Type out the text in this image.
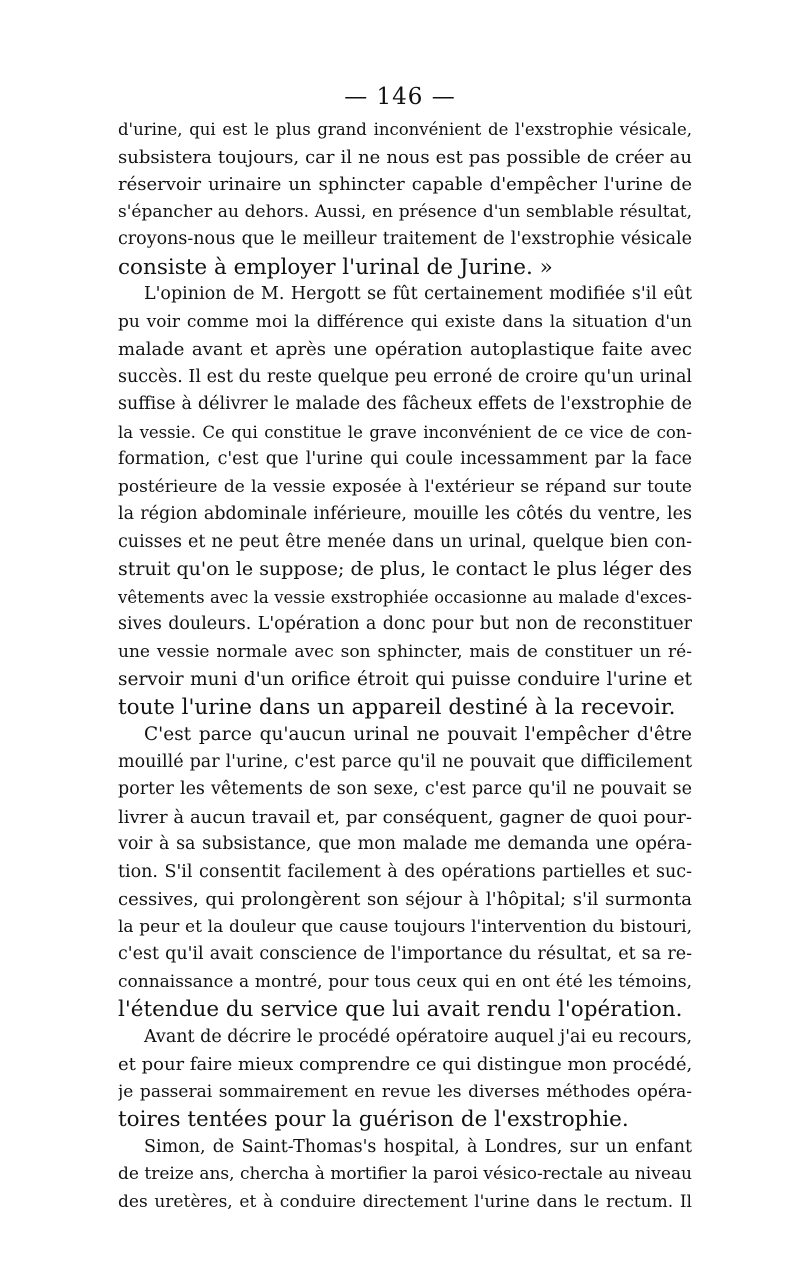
— 146 —
d'urine, qui est le plus grand inconvénient de l'exstrophie vésicale,
subsistera toujours, car il ne nous est pas possible de créer au
réservoir urinaire un sphincter capable d'empêcher l'urine de
s'épancher au dehors. Aussi, en présence d'un semblable résultat,
croyons-nous que le meilleur traitement de l'exstrophie vésicale
consiste à employer l'urinal de Jurine. »
L'opinion de M. Hergott se fût certainement modifiée s'il eût
pu voir comme moi la différence qui existe dans la situation d'un
malade avant et après une opération autoplastique faite avec
succès. Il est du reste quelque peu erroné de croire qu'un urinal
suffise à délivrer le malade des fâcheux effets de l'exstrophie de
la vessie. Ce qui constitue le grave inconvénient de ce vice de con-
formation, c'est que l'urine qui coule incessamment par la face
postérieure de la vessie exposée à l'extérieur se répand sur toute
la région abdominale inférieure, mouille les côtés du ventre, les
cuisses et ne peut être menée dans un urinal, quelque bien con-
struit qu'on le suppose; de plus, le contact le plus léger des
vêtements avec la vessie exstrophiée occasionne au malade d'exces-
sives douleurs. L'opération a donc pour but non de reconstituer
une vessie normale avec son sphincter, mais de constituer un ré-
servoir muni d'un orifice étroit qui puisse conduire l'urine et
toute l'urine dans un appareil destiné à la recevoir.
C'est parce qu'aucun urinal ne pouvait l'empêcher d'être
mouillé par l'urine, c'est parce qu'il ne pouvait que difficilement
porter les vêtements de son sexe, c'est parce qu'il ne pouvait se
livrer à aucun travail et, par conséquent, gagner de quoi pour-
voir à sa subsistance, que mon malade me demanda une opéra-
tion. S'il consentit facilement à des opérations partielles et suc-
cessives, qui prolongèrent son séjour à l'hôpital; s'il surmonta
la peur et la douleur que cause toujours l'intervention du bistouri,
c'est qu'il avait conscience de l'importance du résultat, et sa re-
connaissance a montré, pour tous ceux qui en ont été les témoins,
l'étendue du service que lui avait rendu l'opération.
Avant de décrire le procédé opératoire auquel j'ai eu recours,
et pour faire mieux comprendre ce qui distingue mon procédé,
je passerai sommairement en revue les diverses méthodes opéra-
toires tentées pour la guérison de l'exstrophie.
Simon, de Saint-Thomas's hospital, à Londres, sur un enfant
de treize ans, chercha à mortifier la paroi vésico-rectale au niveau
des uretères, et à conduire directement l'urine dans le rectum. Il
